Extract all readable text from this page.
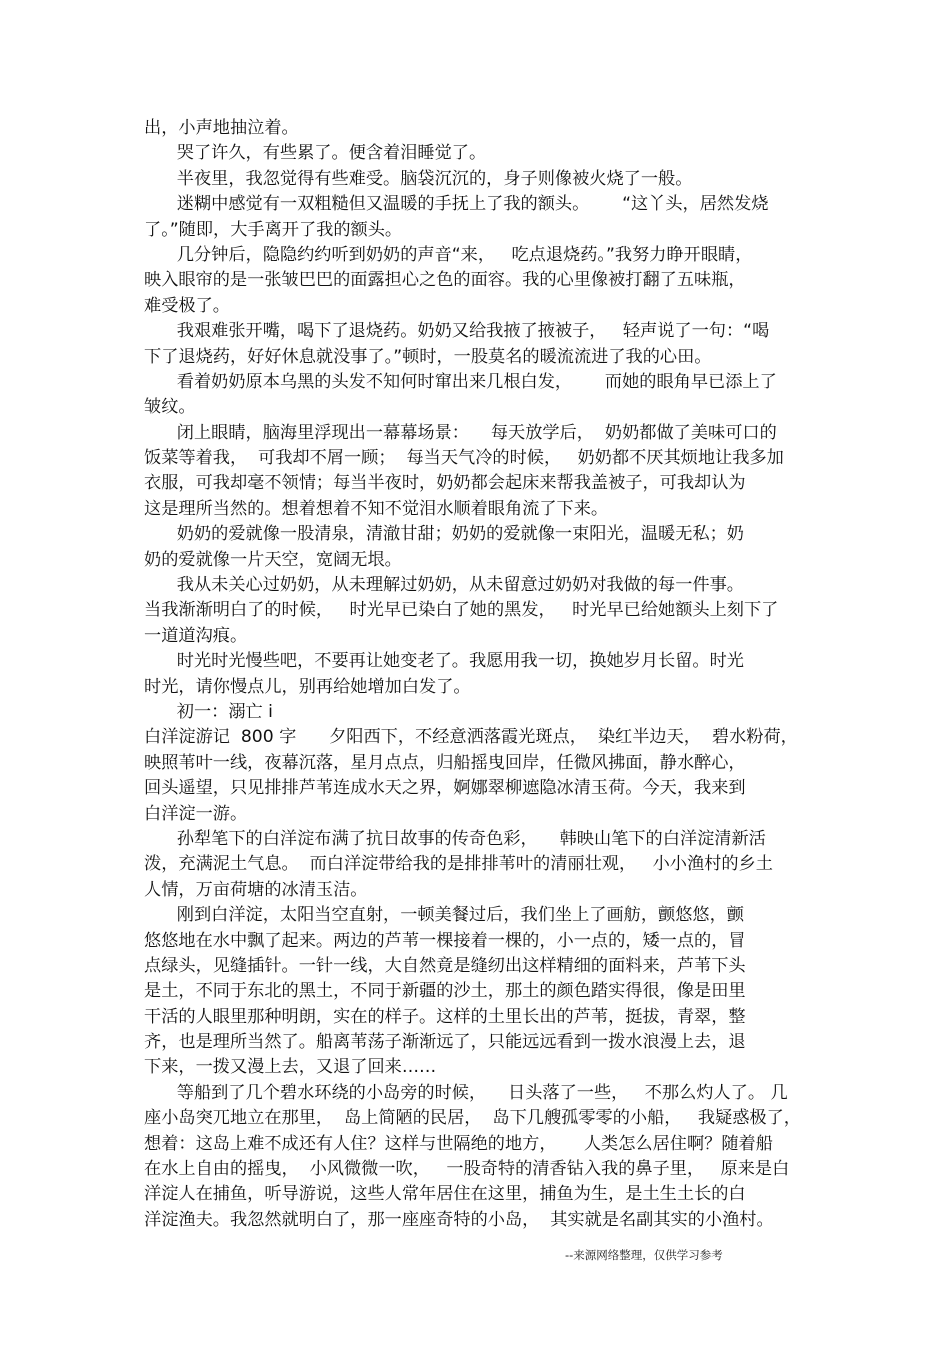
出，小声地抽泣着。
哭了许久，有些累了。便含着泪睡觉了。
半夜里，我忽觉得有些难受。脑袋沉沉的，身子则像被火烧了一般。
迷糊中感觉有一双粗糙但又温暖的手抚上了我的额头。      “这丫头，居然发烧
了。”随即，大手离开了我的额头。
几分钟后，隐隐约约听到奶奶的声音“来，   吃点退烧药。”我努力睁开眼睛，
映入眼帘的是一张皱巴巴的面露担心之色的面容。我的心里像被打翻了五味瓶，
难受极了。
我艰难张开嘴，喝下了退烧药。奶奶又给我掖了掖被子，   轻声说了一句：“喝
下了退烧药，好好休息就没事了。”顿时，一股莫名的暖流流进了我的心田。
看着奶奶原本乌黑的头发不知何时窜出来几根白发，      而她的眼角早已添上了
皱纹。
闭上眼睛，脑海里浮现出一幕幕场景：    每天放学后，  奶奶都做了美味可口的
饭菜等着我，  可我却不屑一顾；  每当天气冷的时候，   奶奶都不厌其烦地让我多加
衣服，可我却毫不领情；每当半夜时，奶奶都会起床来帮我盖被子，可我却认为
这是理所当然的。想着想着不知不觉泪水顺着眼角流了下来。
奶奶的爱就像一股清泉，清澈甘甜；奶奶的爱就像一束阳光，温暖无私；奶
奶的爱就像一片天空，宽阔无垠。
我从未关心过奶奶，从未理解过奶奶，从未留意过奶奶对我做的每一件事。
当我渐渐明白了的时候，   时光早已染白了她的黑发，   时光早已给她额头上刻下了
一道道沟痕。
时光时光慢些吧，不要再让她变老了。我愿用我一切，换她岁月长留。时光
时光，请你慢点儿，别再给她增加白发了。
初一：溺亡 i
白洋淀游记  800 字      夕阳西下，不经意洒落霞光斑点，  染红半边天，  碧水粉荷，
映照苇叶一线，夜幕沉落，星月点点，归船摇曳回岸，任微风拂面，静水醉心，
回头遥望，只见排排芦苇连成水天之界，婀娜翠柳遮隐冰清玉荷。今天，我来到
白洋淀一游。
孙犁笔下的白洋淀布满了抗日故事的传奇色彩，    韩映山笔下的白洋淀清新活
泼，充满泥土气息。  而白洋淀带给我的是排排苇叶的清丽壮观，   小小渔村的乡土
人情，万亩荷塘的冰清玉洁。
刚到白洋淀，太阳当空直射，一顿美餐过后，我们坐上了画舫，颤悠悠，颤
悠悠地在水中飘了起来。两边的芦苇一棵接着一棵的，小一点的，矮一点的，冒
点绿头，见缝插针。一针一线，大自然竟是缝纫出这样精细的面料来，芦苇下头
是土，不同于东北的黑土，不同于新疆的沙土，那土的颜色踏实得很，像是田里
干活的人眼里那种明朗，实在的样子。这样的土里长出的芦苇，挺拔，青翠，整
齐，也是理所当然了。船离苇荡子渐渐远了，只能远远看到一拨水浪漫上去，退
下来，一拨又漫上去，又退了回来……
等船到了几个碧水环绕的小岛旁的时候，    日头落了一些，   不那么灼人了。 几
座小岛突兀地立在那里，  岛上简陋的民居，  岛下几艘孤零零的小船，   我疑惑极了，
想着：这岛上难不成还有人住？这样与世隔绝的地方，     人类怎么居住啊？随着船
在水上自由的摇曳，  小风微微一吹，   一股奇特的清香钻入我的鼻子里，   原来是白
洋淀人在捕鱼，听导游说，这些人常年居住在这里，捕鱼为生，是土生土长的白
洋淀渔夫。我忽然就明白了，那一座座奇特的小岛，  其实就是名副其实的小渔村。
--来源网络整理，仅供学习参考
